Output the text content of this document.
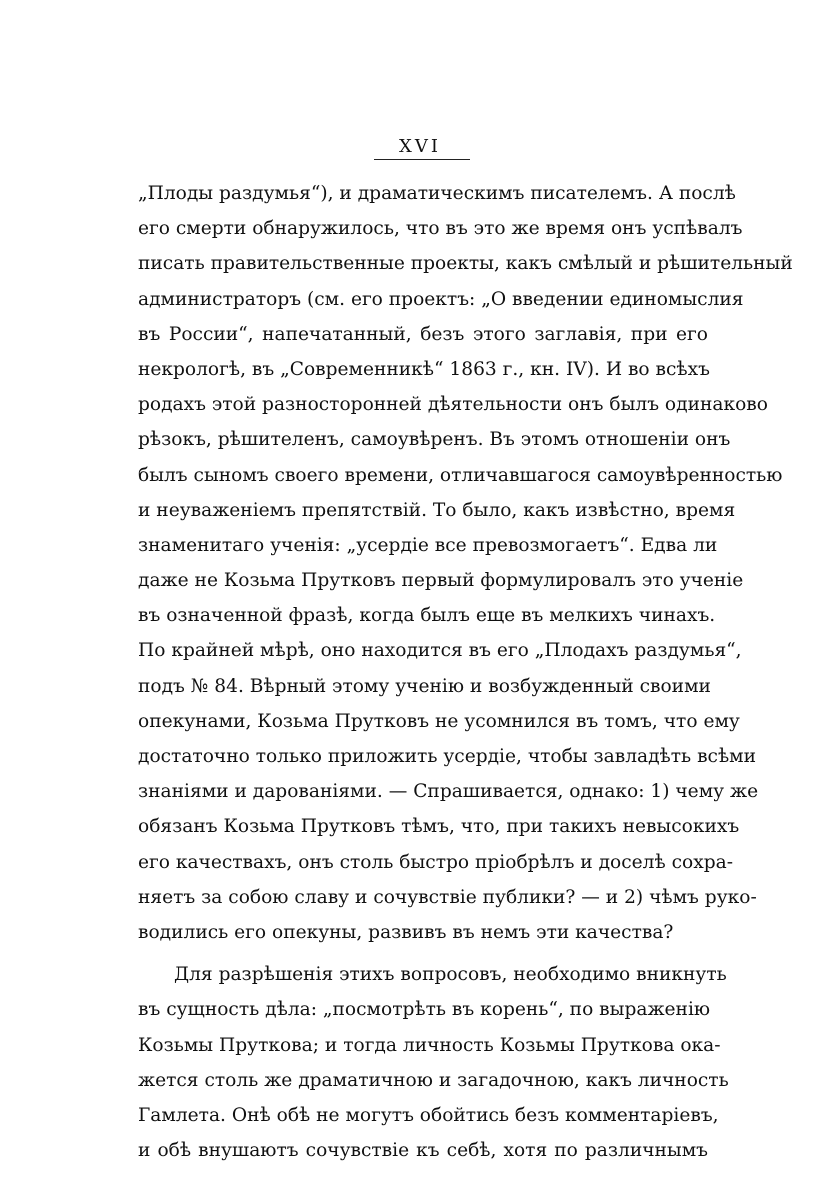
XVI
„Плоды раздумья“), и драматическимъ писателемъ. А послѣ
его смерти обнаружилось, что въ это же время онъ успѣвалъ
писать правительственные проекты, какъ смѣлый и рѣшительный
администраторъ (см. его проектъ: „О введении единомыслия
въ России“, напечатанный, безъ этого заглавія, при его
некрологѣ, въ „Современникѣ“ 1863 г., кн. IV). И во всѣхъ
родахъ этой разносторонней дѣятельности онъ былъ одинаково
рѣзокъ, рѣшителенъ, самоувѣренъ. Въ этомъ отношеніи онъ
былъ сыномъ своего времени, отличавшагося самоувѣренностью
и неуваженіемъ препятствій. То было, какъ извѣстно, время
знаменитаго ученія: „усердіе все превозмогаетъ“. Едва ли
даже не Козьма Прутковъ первый формулировалъ это ученіе
въ означенной фразѣ, когда былъ еще въ мелкихъ чинахъ.
По крайней мѣрѣ, оно находится въ его „Плодахъ раздумья“,
подъ № 84. Вѣрный этому ученію и возбужденный своими
опекунами, Козьма Прутковъ не усомнился въ томъ, что ему
достаточно только приложить усердіе, чтобы завладѣть всѣми
знаніями и дарованіями. — Спрашивается, однако: 1) чему же
обязанъ Козьма Прутковъ тѣмъ, что, при такихъ невысокихъ
его качествахъ, онъ столь быстро пріобрѣлъ и доселѣ сохра-
няетъ за собою славу и сочувствіе публики? — и 2) чѣмъ руко-
водились его опекуны, развивъ въ немъ эти качества?
Для разрѣшенія этихъ вопросовъ, необходимо вникнуть
въ сущность дѣла: „посмотрѣть въ корень“, по выраженію
Козьмы Пруткова; и тогда личность Козьмы Пруткова ока-
жется столь же драматичною и загадочною, какъ личность
Гамлета. Онѣ обѣ не могутъ обойтись безъ комментаріевъ,
и обѣ внушаютъ сочувствіе къ себѣ, хотя по различнымъ
